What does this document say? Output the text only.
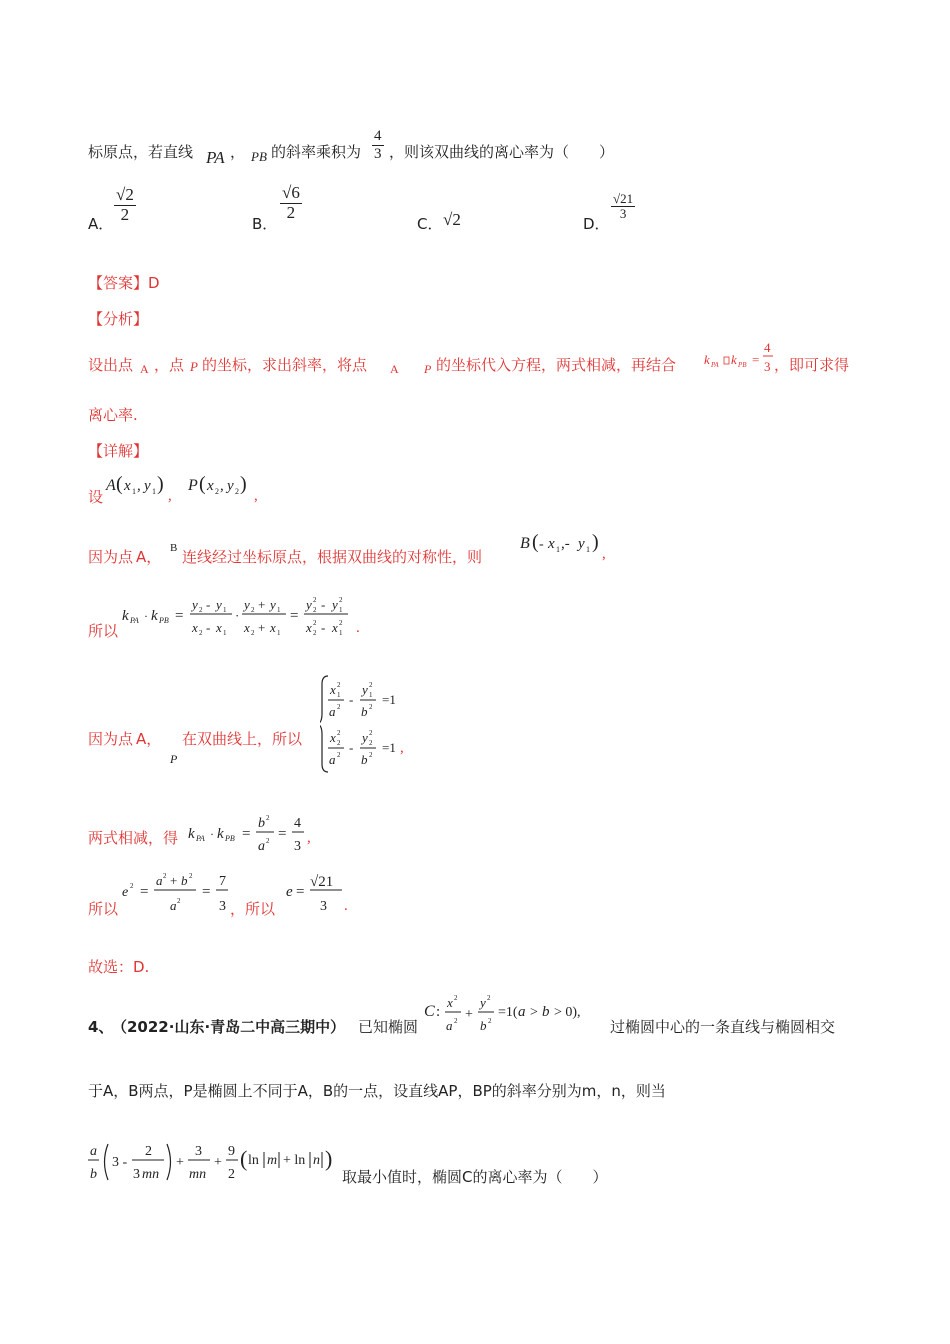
标原点，若直线 PA ， PB 的斜率乘积为 $\frac{4}{3}$ ，则该双曲线的离心率为（　　）
A． $\frac{√2}{2}$	B．
$\frac{√6}{2}$
C． √2	D．
$\frac{√21}{3}$
【答案】D
【分析】
设出点 A ，点 P 的坐标，求出斜率，将点 A P 的坐标代入方程，两式相减，再结合 k PA k PB =
4
3 ，即可求得
离心率.
【详解】
设
A ( x 1 , y 1 )
,
P ( x 2 , y 2 )
,
因为点 A， B 连线经过坐标原点，根据双曲线的对称性，则
B ( - x 1 ,- y 1 )
,
所以
k PA · k PB =
y 2 - y 1
x 2 - x 1
·
y 2 + y 1
x 2 + x 1
=
y 2
2 - y 2
1
x 2
2 - x 2
1 .
因为点 A，
P
在双曲线上，所以
x 2
1
a 2 -
y 2
1
b 2 =1
x 2
2
a 2 -
y 2
2
b 2 =1 ,
两式相减，得 k PA · k PB =
b 2
a 2 =
4
3
,
所以
e 2 =
a 2 + b 2
a 2
=
7
3 ，所以
e =
√21
3 .
故选：D.
4、
（2022·山东·青岛二中高三期中） 已知椭圆
C :
x 2
a 2 +
y 2
b 2
=1( a > b > 0),
过椭圆中心的一条直线与椭圆相交
于A，B两点，P是椭圆上不同于A，B的一点，设直线AP，BP的斜率分别为m，n，则当
a
b
3 -
2
3 mn
+
3
mn
+
9
2
( ln m + ln n )
取最小值时，椭圆C的离心率为（　　）
